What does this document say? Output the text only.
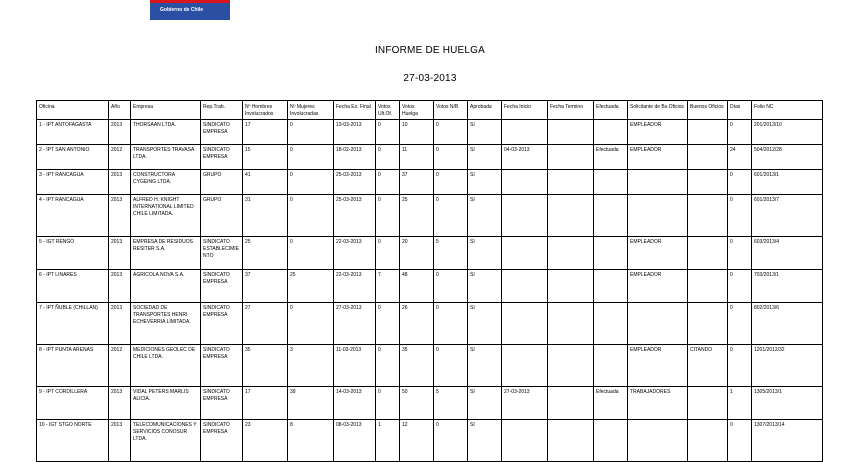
Gobierno de Chile
INFORME DE HUELGA
27-03-2013
Oficina	Año	Empresa	Rep.Trab.	Nº Hombres Involucrados	Nº Mujeres Involucradas	Fecha Ex. Final	Votos Ult.Of.	Votos Huelga	Votos N/B	Aprobada	Fecha Inicio	Fecha Termino	Efectuada	Solicitante de Bs.Oficios	Buenos Oficios	Días	Folio NC
1 - IPT ANTOFAGASTA	2013	THORSAAN LTDA.	SINDICATO EMPRESA	17	0	13-03-2013	0	10	0	SI				EMPLEADOR		0	201/2013/10
2 - IPT SAN ANTONIO	2012	TRANSPORTES TRAVASA LTDA.	SINDICATO EMPRESA	15	0	18-02-2013	0	11	0	SI	04-03-2013		Efectuada	EMPLEADOR		24	504/2012/28
3 - IPT RANCAGUA	2013	CONSTRUCTORA CYGEING LTDA.	GRUPO	41	0	25-03-2013	0	37	0	SI						0	601/2013/1
4 - IPT RANCAGUA	2013	ALFRED H. KNIGHT INTERNATIONAL LIMITED CHILE LIMITADA.	GRUPO	31	0	25-03-2013	0	25	0	SI						0	601/2013/7
5 - IGT RENGO	2013	EMPRESA DE RESIDUOS RESITER S.A.	SINDICATO ESTABLECIMIENTO	25	0	22-03-2013	0	20	5	SI				EMPLEADOR		0	603/2013/4
6 - IPT LINARES	2013	AGRICOLA NOVA S.A.	SINDICATO EMPRESA	37	25	22-03-2013	7	48	0	SI				EMPLEADOR		0	703/2013/1
7 - IPT ÑUBLE (CHILLAN)	2013	SOCIEDAD DE TRANSPORTES HENRI ECHEVERRIA LIMITADA.	SINDICATO EMPRESA	27	0	27-03-2013	0	26	0	SI						0	802/2013/6
8 - IPT PUNTA ARENAS	2012	MEDICIONES GEOLEC DE CHILE LTDA.	SINDICATO EMPRESA	35	3	11-03-2013	0	35	0	SI				EMPLEADOR	CITANDO	0	1201/2012/32
9 - IPT CORDILLERA	2013	VIDAL PETERS MARLIS ALICIA.	SINDICATO EMPRESA	17	39	14-03-2013	0	50	5	SI	27-03-2013		Efectuada	TRABAJADORES		1	1305/2013/1
10 - IGT STGO NORTE	2013	TELECOMUNICACIONES Y SERVICIOS CONOSUR LTDA.	SINDICATO EMPRESA	23	8	08-03-2013	1	12	0	SI						0	1307/2013/14
